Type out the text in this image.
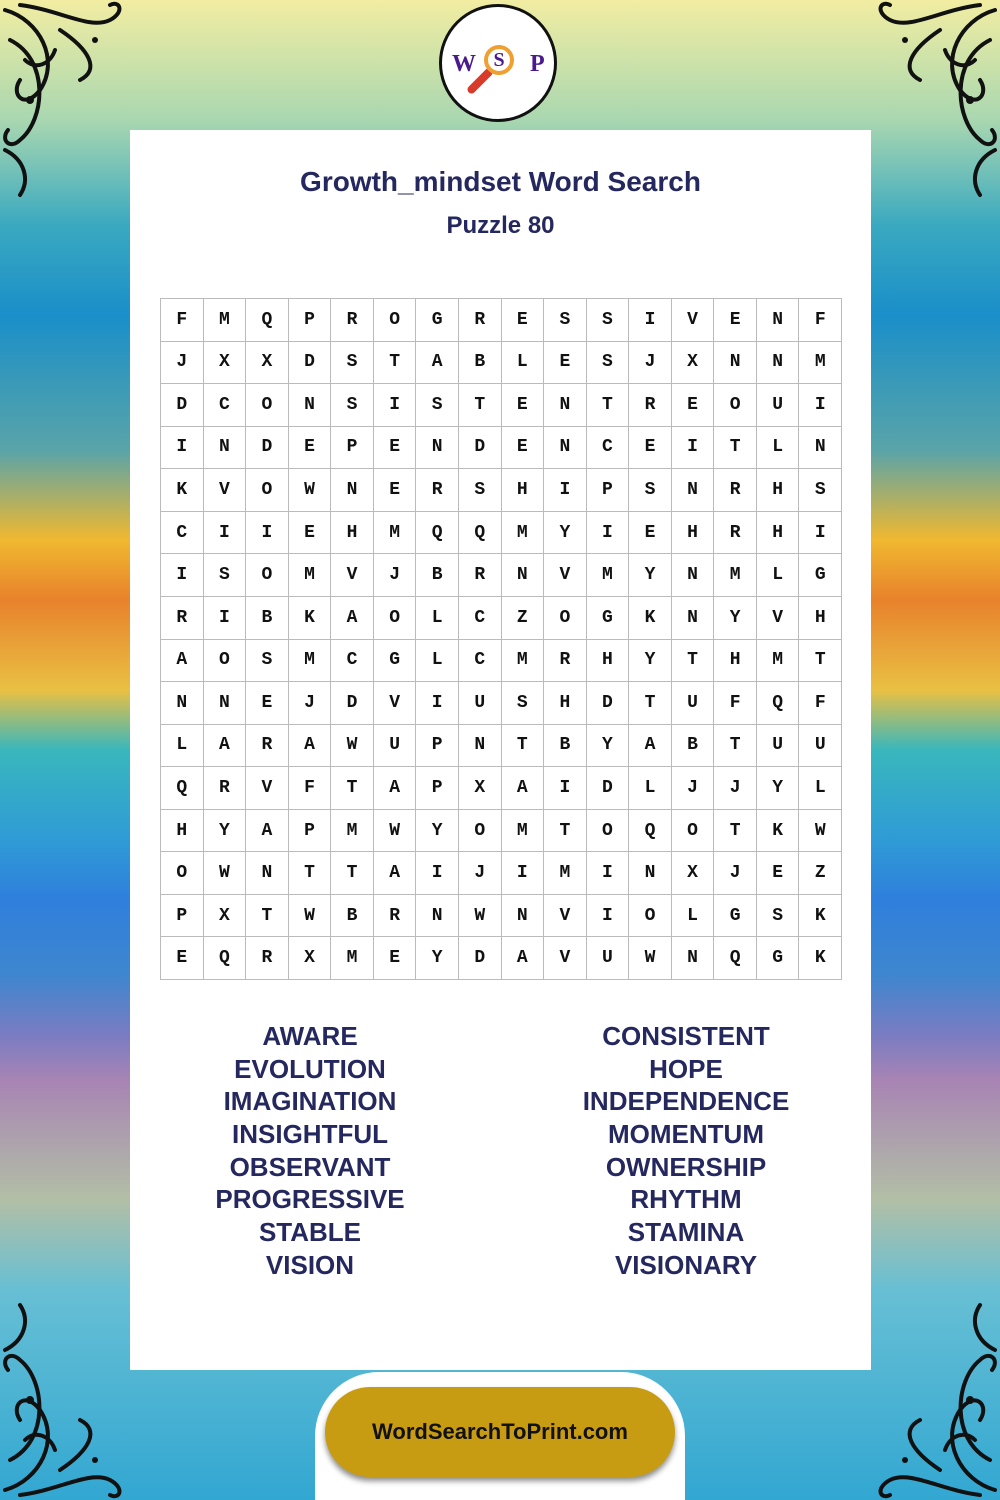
W S	P
Growth_mindset Word Search
Puzzle 80
F	M	Q	P	R	O	G	R	E	S	S	I	V	E	N	F
J	X	X	D	S	T	A	B	L	E	S	J	X	N	N	M
D	C	O	N	S	I	S	T	E	N	T	R	E	O	U	I
I	N	D	E	P	E	N	D	E	N	C	E	I	T	L	N
K	V	O	W	N	E	R	S	H	I	P	S	N	R	H	S
C	I	I	E	H	M	Q	Q	M	Y	I	E	H	R	H	I
I	S	O	M	V	J	B	R	N	V	M	Y	N	M	L	G
R	I	B	K	A	O	L	C	Z	O	G	K	N	Y	V	H
A	O	S	M	C	G	L	C	M	R	H	Y	T	H	M	T
N	N	E	J	D	V	I	U	S	H	D	T	U	F	Q	F
L	A	R	A	W	U	P	N	T	B	Y	A	B	T	U	U
Q	R	V	F	T	A	P	X	A	I	D	L	J	J	Y	L
H	Y	A	P	M	W	Y	O	M	T	O	Q	O	T	K	W
O	W	N	T	T	A	I	J	I	M	I	N	X	J	E	Z
P	X	T	W	B	R	N	W	N	V	I	O	L	G	S	K
E	Q	R	X	M	E	Y	D	A	V	U	W	N	Q	G	K
AWARE
EVOLUTION
IMAGINATION
INSIGHTFUL
OBSERVANT
PROGRESSIVE
STABLE
VISION
CONSISTENT
HOPE
INDEPENDENCE
MOMENTUM
OWNERSHIP
RHYTHM
STAMINA
VISIONARY
WordSearchToPrint.com
